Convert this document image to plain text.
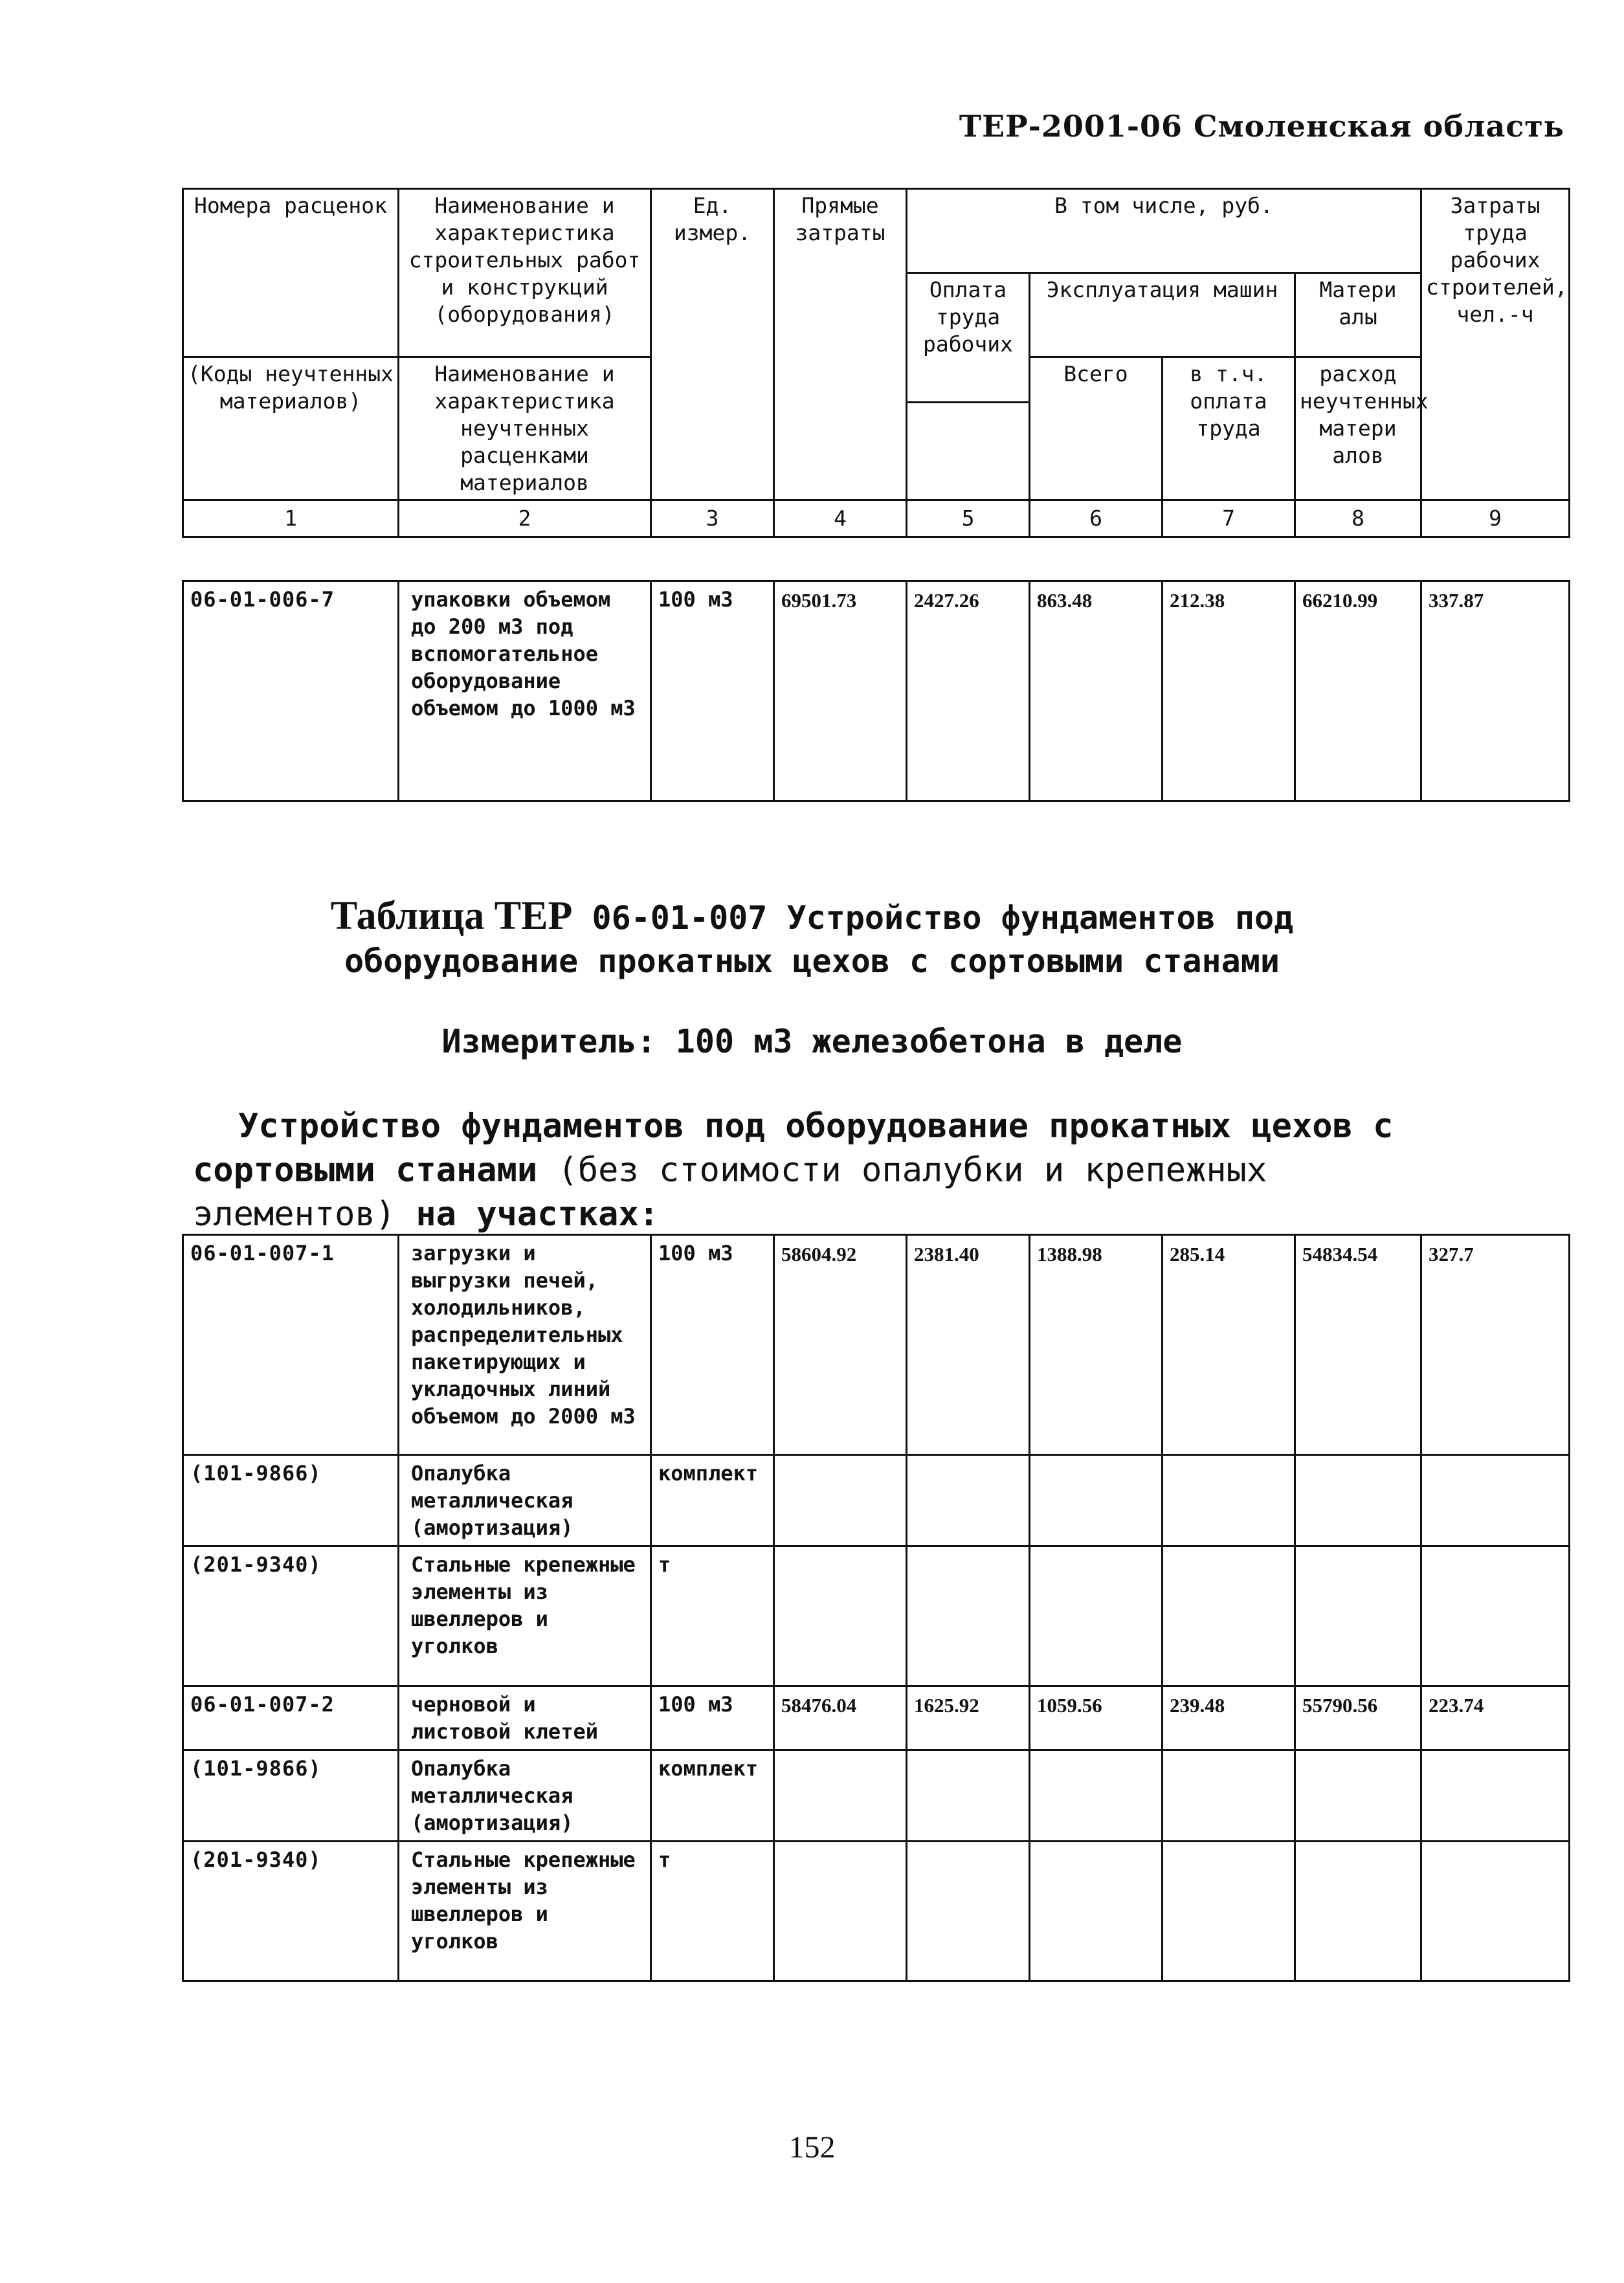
ТЕР-2001-06 Смоленская область
Номера расценок	Наименование и характеристика строительных работ и конструкций (оборудования)	Ед. измер.	Прямые затраты	В том числе, руб.				Затраты труда рабочих строителей, чел.-ч
				Оплата труда рабочих	Эксплуатация машин		Матери алы	
(Коды неучтенных материалов)	Наименование и характеристика неучтенных расценками материалов				Всего	в т.ч. оплата труда	расход неучтенных матери алов	

1	2	3	4	5	6	7	8	9
06-01-006-7	упаковки объемом до 200 м3 под вспомогательное оборудование объемом до 1000 м3	100 м3	69501.73	2427.26	863.48	212.38	66210.99	337.87
Таблица ТЕР 06-01-007 Устройство фундаментов под
оборудование прокатных цехов с сортовыми станами
Измеритель: 100 м3 железобетона в деле
Устройство фундаментов под оборудование прокатных цехов с
сортовыми станами (без стоимости опалубки и крепежных
элементов) на участках:
06-01-007-1	загрузки и выгрузки печей, холодильников, распределительных пакетирующих и укладочных линий объемом до 2000 м3	100 м3	58604.92	2381.40	1388.98	285.14	54834.54	327.7
(101-9866)	Опалубка металлическая (амортизация)	комплект						
(201-9340)	Стальные крепежные элементы из швеллеров и уголков	т						
06-01-007-2	черновой и листовой клетей	100 м3	58476.04	1625.92	1059.56	239.48	55790.56	223.74
(101-9866)	Опалубка металлическая (амортизация)	комплект						
(201-9340)	Стальные крепежные элементы из швеллеров и уголков	т						
152
